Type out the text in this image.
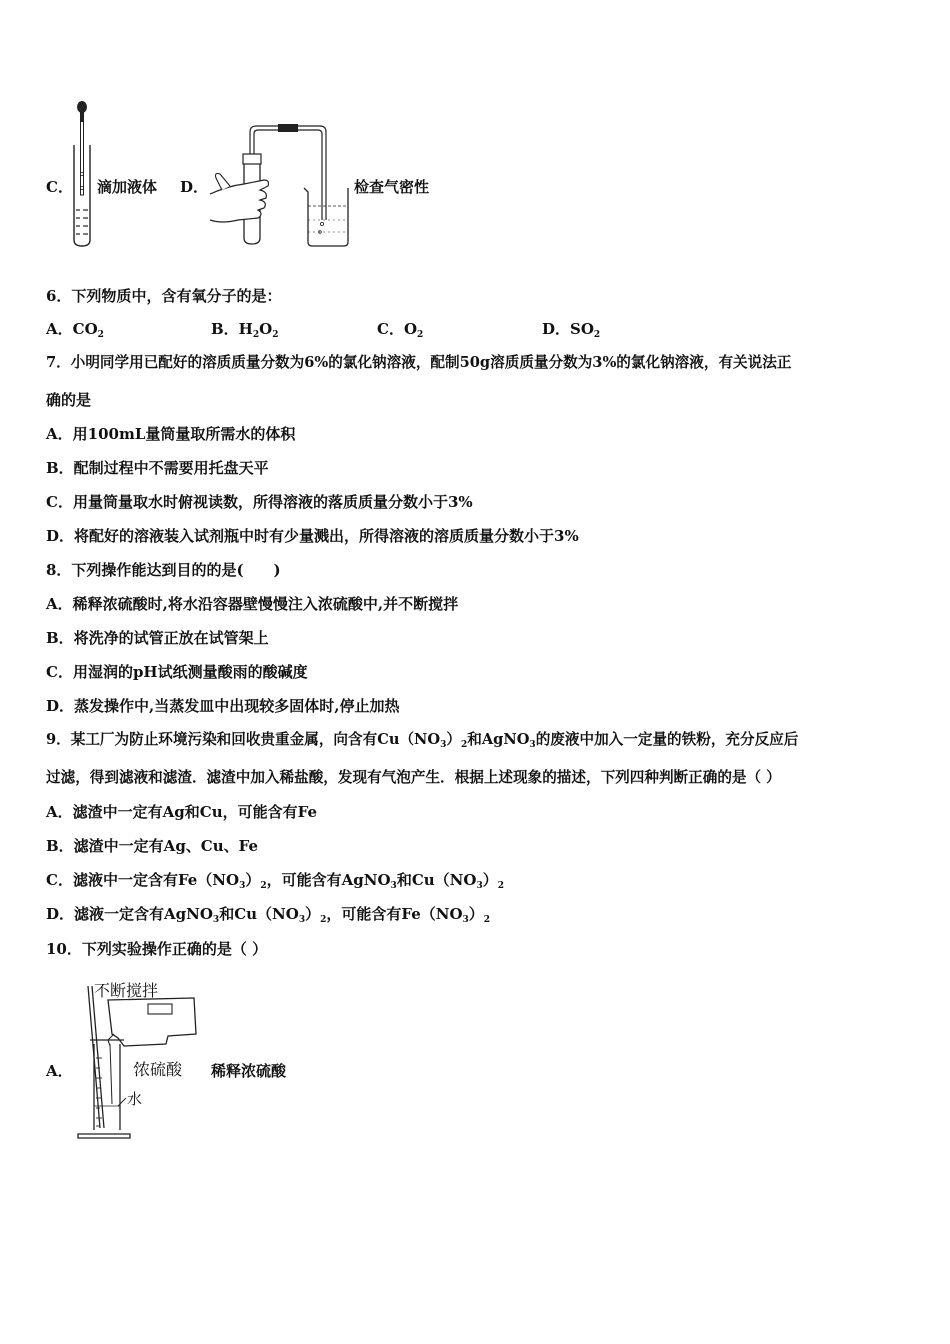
C． 滴加液体 D．	检查气密性
6．下列物质中，含有氧分子的是：
A．$CO_2$	B．$H_2O_2$	C．$O_2$	D．$SO_2$
7．小明同学用已配好的溶质质量分数为6%的氯化钠溶液，配制50g溶质质量分数为3%的氯化钠溶液，有关说法正
确的是
A．用100mL量筒量取所需水的体积
B．配制过程中不需要用托盘天平
C．用量筒量取水时俯视读数，所得溶液的落质质量分数小于3%
D．将配好的溶液装入试剂瓶中时有少量溅出，所得溶液的溶质质量分数小于3%
8．下列操作能达到目的的是(　　)
A．稀释浓硫酸时,将水沿容器壁慢慢注入浓硫酸中,并不断搅拌
B．将洗净的试管正放在试管架上
C．用湿润的pH试纸测量酸雨的酸碱度
D．蒸发操作中,当蒸发皿中出现较多固体时,停止加热
9．某工厂为防止环境污染和回收贵重金属，向含有$Cu(NO_3)_2$和AgNO$_3$的废液中加入一定量的铁粉，充分反应后
过滤，得到滤液和滤渣．滤渣中加入稀盐酸，发现有气泡产生．根据上述现象的描述，下列四种判断正确的是（ ）
A．滤渣中一定有Ag和Cu，可能含有Fe
B．滤渣中一定有Ag、Cu、Fe
C．滤液中一定含有$Fe(NO_3)_2$，可能含有AgNO$_3$和$Cu(NO_3)_2$
D．滤液一定含有AgNO$_3$和$Cu(NO_3)_2$，可能含有$Fe(NO_3)_2$
10．下列实验操作正确的是（ ）
A．
不断搅拌
浓硫酸
水
稀释浓硫酸
